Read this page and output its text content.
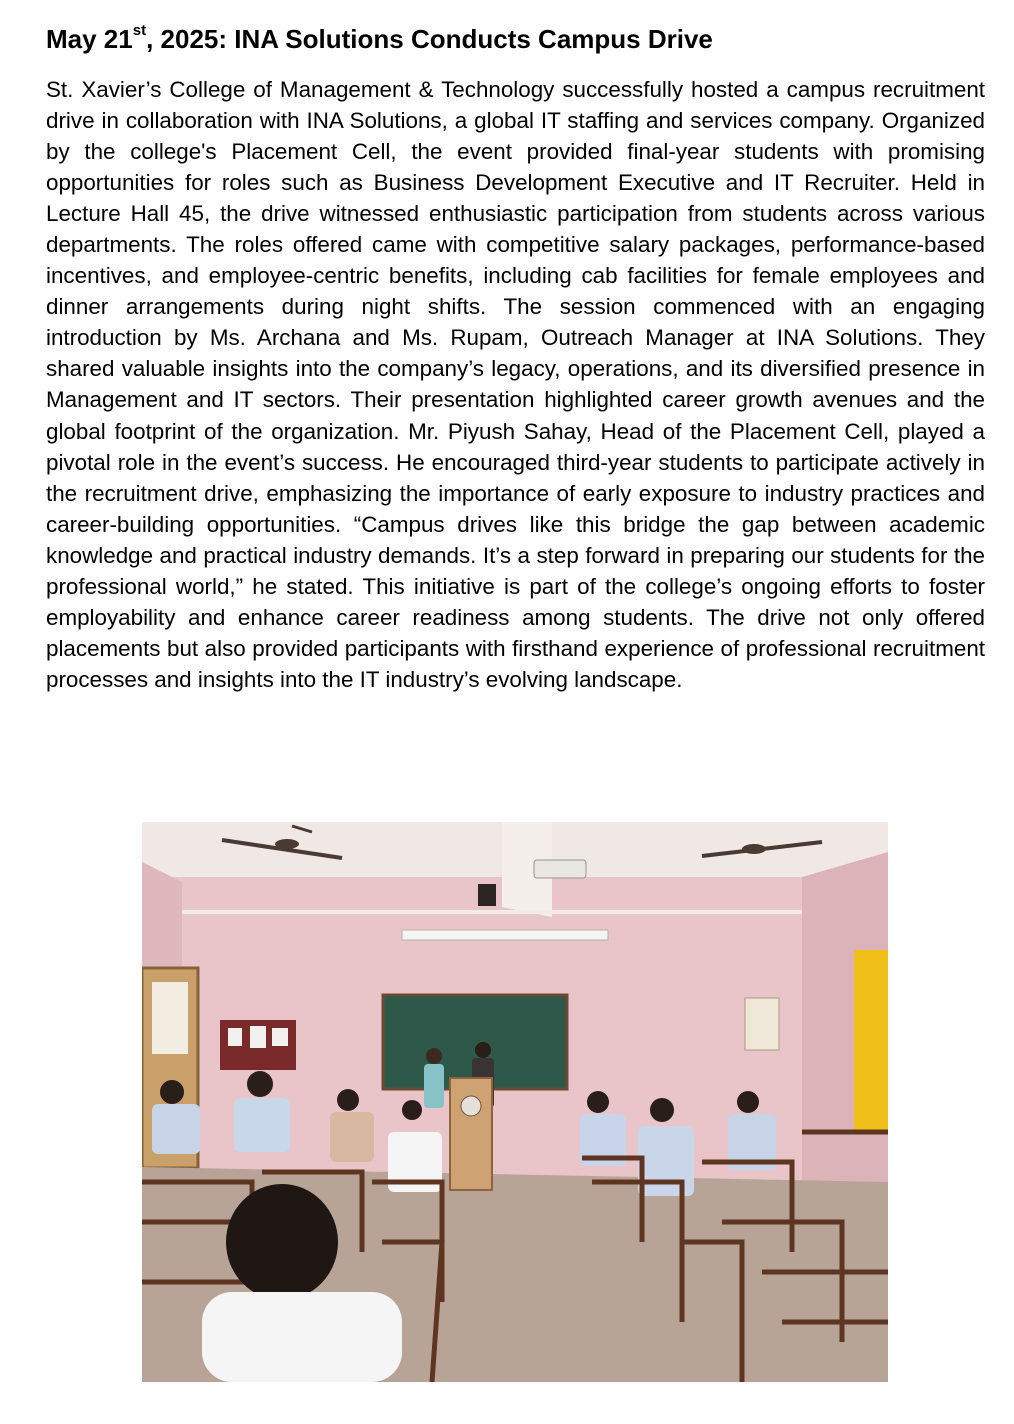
May 21st, 2025: INA Solutions Conducts Campus Drive

St. Xavier’s College of Management & Technology successfully hosted a campus recruitment drive in collaboration with INA Solutions, a global IT staffing and services company. Organized by the college's Placement Cell, the event provided final-year students with promising opportunities for roles such as Business Development Executive and IT Recruiter. Held in Lecture Hall 45, the drive witnessed enthusiastic participation from students across various departments. The roles offered came with competitive salary packages, performance-based incentives, and employee-centric benefits, including cab facilities for female employees and dinner arrangements during night shifts. The session commenced with an engaging introduction by Ms. Archana and Ms. Rupam, Outreach Manager at INA Solutions. They shared valuable insights into the company’s legacy, operations, and its diversified presence in Management and IT sectors. Their presentation highlighted career growth avenues and the global footprint of the organization. Mr. Piyush Sahay, Head of the Placement Cell, played a pivotal role in the event’s success. He encouraged third-year students to participate actively in the recruitment drive, emphasizing the importance of early exposure to industry practices and career-building opportunities. “Campus drives like this bridge the gap between academic knowledge and practical industry demands. It’s a step forward in preparing our students for the professional world,” he stated. This initiative is part of the college’s ongoing efforts to foster employability and enhance career readiness among students. The drive not only offered placements but also provided participants with firsthand experience of professional recruitment processes and insights into the IT industry’s evolving landscape.
